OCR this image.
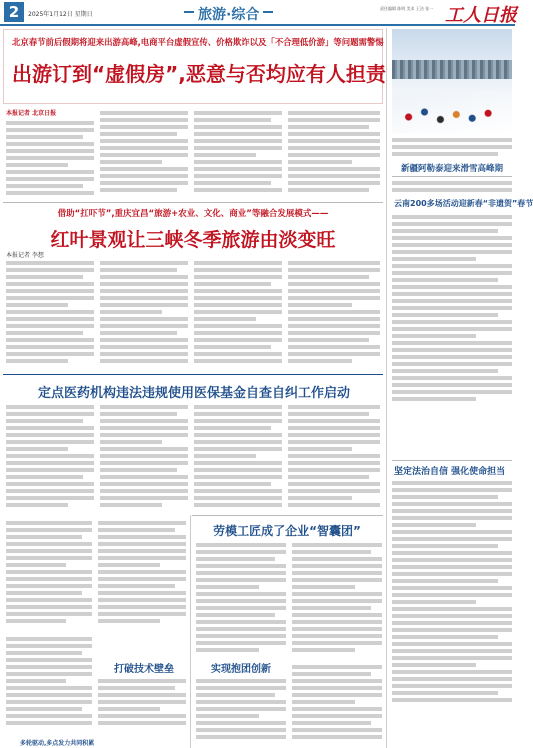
2	2025年1月12日 星期日	旅游·综合	责任编辑 陈明 美术 王洁 张一 工人日报
北京春节前后假期将迎来出游高峰,电商平台虚假宣传、价格欺诈以及「不合理低价游」等问题需警惕
出游订到“虚假房”,恶意与否均应有人担责
本报记者 北京日报
新疆阿勒泰迎来滑雪高峰期
云南200多场活动迎新春“非遗贺”春节
借助“扛吓节”,重庆宜昌“旅游+农业、文化、商业”等融合发展模式——
红叶景观让三峡冬季旅游由淡变旺
本报记者 李想
定点医药机构违法违规使用医保基金自查自纠工作启动
坚定法治自信 强化使命担当
劳模工匠成了企业“智囊团”
打破技术壁垒	实现抱团创新
多轮驱动,多点发力共同积累
